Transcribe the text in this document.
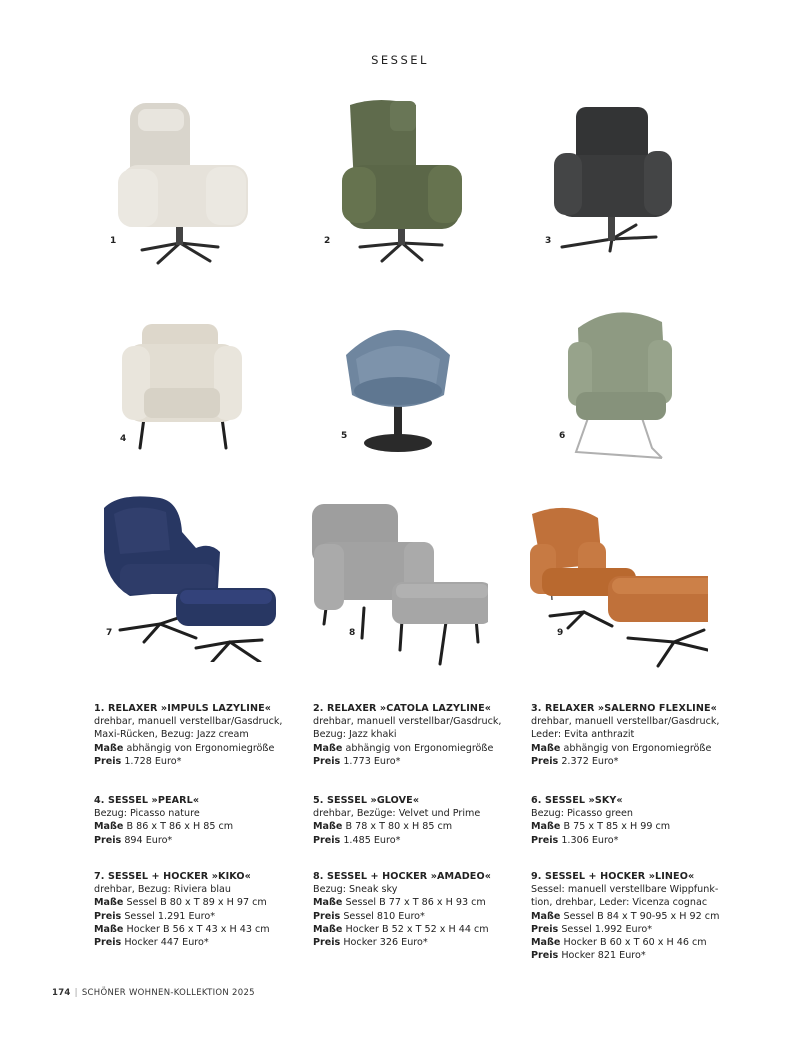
SESSEL
1	2	3
4	5	6
7	8	9
1. RELAXER »IMPULS LAZYLINE«
drehbar, manuell verstellbar/Gasdruck,
Maxi-Rücken, Bezug: Jazz cream
Maße abhängig von Ergonomiegröße
Preis 1.728 Euro*
2. RELAXER »CATOLA LAZYLINE«
drehbar, manuell verstellbar/Gasdruck,
Bezug: Jazz khaki
Maße abhängig von Ergonomiegröße
Preis 1.773 Euro*
3. RELAXER »SALERNO FLEXLINE«
drehbar, manuell verstellbar/Gasdruck,
Leder: Evita anthrazit
Maße abhängig von Ergonomiegröße
Preis 2.372 Euro*
4. SESSEL »PEARL«
Bezug: Picasso nature
Maße B 86 x T 86 x H 85 cm
Preis 894 Euro*
5. SESSEL »GLOVE«
drehbar, Bezüge: Velvet und Prime
Maße B 78 x T 80 x H 85 cm
Preis 1.485 Euro*
6. SESSEL »SKY«
Bezug: Picasso green
Maße B 75 x T 85 x H 99 cm
Preis 1.306 Euro*
7. SESSEL + HOCKER »KIKO«
drehbar, Bezug: Riviera blau
Maße Sessel B 80 x T 89 x H 97 cm
Preis Sessel 1.291 Euro*
Maße Hocker B 56 x T 43 x H 43 cm
Preis Hocker 447 Euro*
8. SESSEL + HOCKER »AMADEO«
Bezug: Sneak sky
Maße Sessel B 77 x T 86 x H 93 cm
Preis Sessel 810 Euro*
Maße Hocker B 52 x T 52 x H 44 cm
Preis Hocker 326 Euro*
9. SESSEL + HOCKER »LINEO«
Sessel: manuell verstellbare Wippfunk-
tion, drehbar, Leder: Vicenza cognac
Maße Sessel B 84 x T 90-95 x H 92 cm
Preis Sessel 1.992 Euro*
Maße Hocker B 60 x T 60 x H 46 cm
Preis Hocker 821 Euro*
174 | SCHÖNER WOHNEN-KOLLEKTION 2025
